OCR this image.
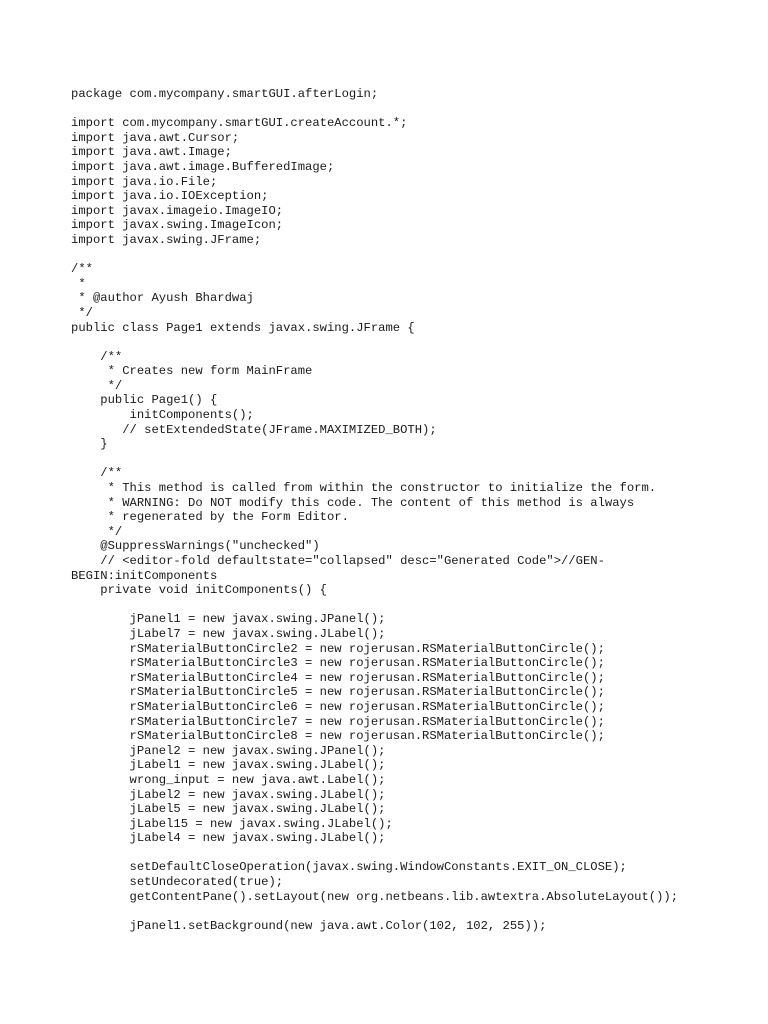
package com.mycompany.smartGUI.afterLogin;
import com.mycompany.smartGUI.createAccount.*;
import java.awt.Cursor;
import java.awt.Image;
import java.awt.image.BufferedImage;
import java.io.File;
import java.io.IOException;
import javax.imageio.ImageIO;
import javax.swing.ImageIcon;
import javax.swing.JFrame;
/**
*
* @author Ayush Bhardwaj
*/
public class Page1 extends javax.swing.JFrame {
/**
* Creates new form MainFrame
*/
public Page1() {
initComponents();
// setExtendedState(JFrame.MAXIMIZED_BOTH);
}
/**
* This method is called from within the constructor to initialize the form.
* WARNING: Do NOT modify this code. The content of this method is always
* regenerated by the Form Editor.
*/
@SuppressWarnings("unchecked")
// <editor-fold defaultstate="collapsed" desc="Generated Code">//GEN-
BEGIN:initComponents
private void initComponents() {
jPanel1 = new javax.swing.JPanel();
jLabel7 = new javax.swing.JLabel();
rSMaterialButtonCircle2 = new rojerusan.RSMaterialButtonCircle();
rSMaterialButtonCircle3 = new rojerusan.RSMaterialButtonCircle();
rSMaterialButtonCircle4 = new rojerusan.RSMaterialButtonCircle();
rSMaterialButtonCircle5 = new rojerusan.RSMaterialButtonCircle();
rSMaterialButtonCircle6 = new rojerusan.RSMaterialButtonCircle();
rSMaterialButtonCircle7 = new rojerusan.RSMaterialButtonCircle();
rSMaterialButtonCircle8 = new rojerusan.RSMaterialButtonCircle();
jPanel2 = new javax.swing.JPanel();
jLabel1 = new javax.swing.JLabel();
wrong_input = new java.awt.Label();
jLabel2 = new javax.swing.JLabel();
jLabel5 = new javax.swing.JLabel();
jLabel15 = new javax.swing.JLabel();
jLabel4 = new javax.swing.JLabel();
setDefaultCloseOperation(javax.swing.WindowConstants.EXIT_ON_CLOSE);
setUndecorated(true);
getContentPane().setLayout(new org.netbeans.lib.awtextra.AbsoluteLayout());
jPanel1.setBackground(new java.awt.Color(102, 102, 255));
